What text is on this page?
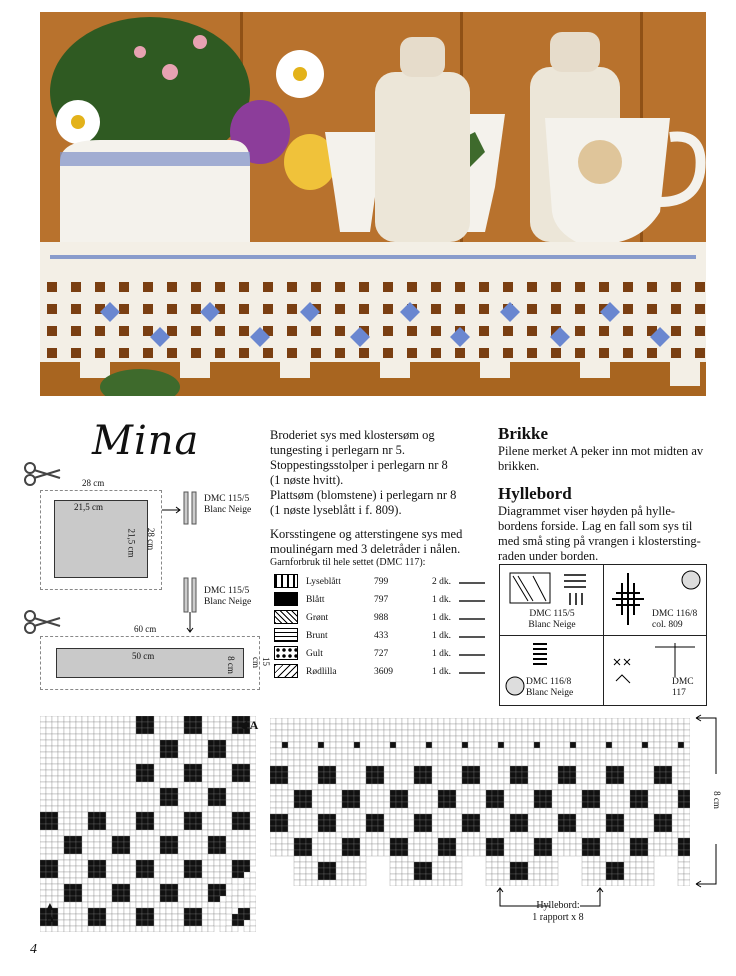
Mina	Broderiet sys med klostersøm og
tungesting i perlegarn nr 5.
Stoppestingsstolper i perlegarn nr 8
(1 nøste hvitt).
Plattsøm (blomstene) i perlegarn nr 8
(1 nøste lyseblått i f. 809).
Korsstingene og atterstingene sys med
moulinégarn med 3 deletråder i nålen.
Garnforbruk til hele settet (DMC 117):
	Lyseblått	799	2 dk.	
	Blått	797	1 dk.	
	Grønt	988	1 dk.	
	Brunt	433	1 dk.	
	Gult	727	1 dk.	
	Rødlilla	3609	1 dk.	
Brikke
Pilene merket A peker inn mot midten av
brikken.
Hyllebord
Diagrammet viser høyden på hylle-
bordens forside. Lag en fall som sys til
med små sting på vrangen i klostersting-
raden under borden.
DMC 115/5
Blanc Neige
DMC 116/8
col. 809
DMC 116/8
Blanc Neige
DMC
117
28 cm
21,5 cm
21,5 cm 28 cm
DMC 115/5
Blanc Neige
DMC 115/5
Blanc Neige
60 cm
50 cm
8 cm	15 cm
◀ A
▲
A
4
8 cm
Hyllebord:
1 rapport x 8
